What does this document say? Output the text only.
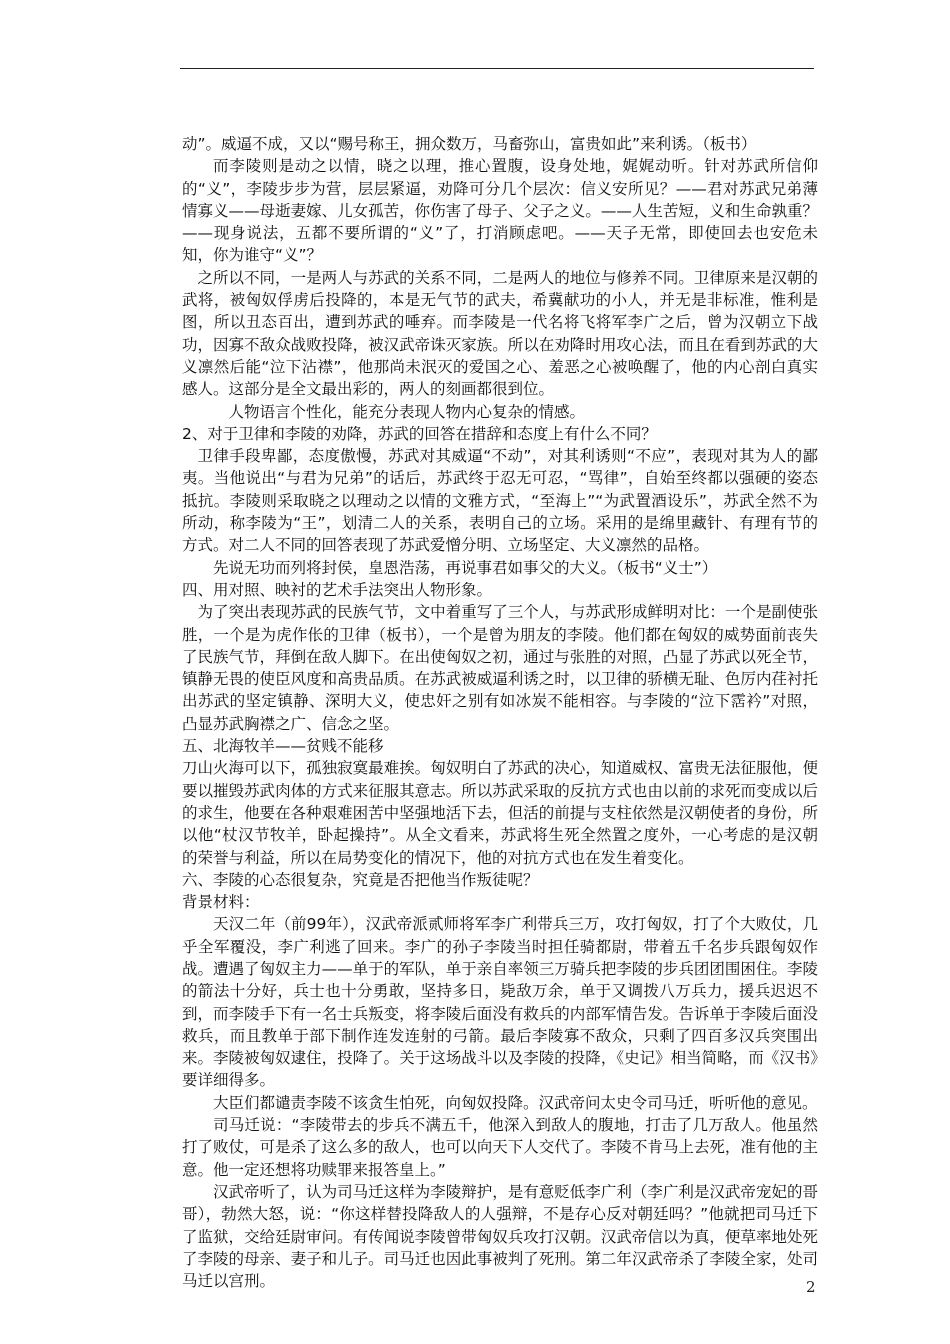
动”。威逼不成，又以“赐号称王，拥众数万，马畜弥山，富贵如此”来利诱。（板书）

而李陵则是动之以情，晓之以理，推心置腹，设身处地，娓娓动听。针对苏武所信仰的“义”，李陵步步为营，层层紧逼，劝降可分几个层次：信义安所见？——君对苏武兄弟薄情寡义——母逝妻嫁、儿女孤苦，你伤害了母子、父子之义。——人生苦短，义和生命孰重？——现身说法，五都不要所谓的“义”了，打消顾虑吧。——天子无常，即使回去也安危未知，你为谁守“义”？

之所以不同，一是两人与苏武的关系不同，二是两人的地位与修养不同。卫律原来是汉朝的武将，被匈奴俘虏后投降的，本是无气节的武夫，希冀献功的小人，并无是非标准，惟利是图，所以丑态百出，遭到苏武的唾弃。而李陵是一代名将飞将军李广之后，曾为汉朝立下战功，因寡不敌众战败投降，被汉武帝诛灭家族。所以在劝降时用攻心法，而且在看到苏武的大义凛然后能“泣下沾襟”，他那尚未泯灭的爱国之心、羞恶之心被唤醒了，他的内心剖白真实感人。这部分是全文最出彩的，两人的刻画都很到位。

人物语言个性化，能充分表现人物内心复杂的情感。

2、对于卫律和李陵的劝降，苏武的回答在措辞和态度上有什么不同？

卫律手段卑鄙，态度傲慢，苏武对其威逼“不动”，对其利诱则“不应”，表现对其为人的鄙夷。当他说出“与君为兄弟”的话后，苏武终于忍无可忍，“骂律”，自始至终都以强硬的姿态抵抗。李陵则采取晓之以理动之以情的文雅方式，“至海上”“为武置酒设乐”，苏武全然不为所动，称李陵为“王”，划清二人的关系，表明自己的立场。采用的是绵里藏针、有理有节的方式。对二人不同的回答表现了苏武爱憎分明、立场坚定、大义凛然的品格。

先说无功而列将封侯，皇恩浩荡，再说事君如事父的大义。（板书“义士”）

四、用对照、映衬的艺术手法突出人物形象。

为了突出表现苏武的民族气节，文中着重写了三个人，与苏武形成鲜明对比：一个是副使张胜，一个是为虎作伥的卫律（板书），一个是曾为朋友的李陵。他们都在匈奴的威势面前丧失了民族气节，拜倒在敌人脚下。在出使匈奴之初，通过与张胜的对照，凸显了苏武以死全节，镇静无畏的使臣风度和高贵品质。在苏武被威逼利诱之时，以卫律的骄横无耻、色厉内荏衬托出苏武的坚定镇静、深明大义，使忠奸之别有如冰炭不能相容。与李陵的“泣下霑衿”对照，凸显苏武胸襟之广、信念之坚。

五、北海牧羊——贫贱不能移

刀山火海可以下，孤独寂寞最难挨。匈奴明白了苏武的决心，知道威权、富贵无法征服他，便要以摧毁苏武肉体的方式来征服其意志。所以苏武采取的反抗方式也由以前的求死而变成以后的求生，他要在各种艰难困苦中坚强地活下去，但活的前提与支柱依然是汉朝使者的身份，所以他“杖汉节牧羊，卧起操持”。从全文看来，苏武将生死全然置之度外，一心考虑的是汉朝的荣誉与利益，所以在局势变化的情况下，他的对抗方式也在发生着变化。

六、李陵的心态很复杂，究竟是否把他当作叛徒呢？

背景材料：

天汉二年（前99年），汉武帝派贰师将军李广利带兵三万，攻打匈奴，打了个大败仗，几乎全军覆没，李广利逃了回来。李广的孙子李陵当时担任骑都尉，带着五千名步兵跟匈奴作战。遭遇了匈奴主力——单于的军队，单于亲自率领三万骑兵把李陵的步兵团团围困住。李陵的箭法十分好，兵士也十分勇敢，坚持多日，毙敌万余，单于又调拨八万兵力，援兵迟迟不到，而李陵手下有一名士兵叛变，将李陵后面没有救兵的内部军情告发。告诉单于李陵后面没救兵，而且教单于部下制作连发连射的弓箭。最后李陵寡不敌众，只剩了四百多汉兵突围出来。李陵被匈奴逮住，投降了。关于这场战斗以及李陵的投降，《史记》相当简略，而《汉书》要详细得多。

大臣们都谴责李陵不该贪生怕死，向匈奴投降。汉武帝问太史令司马迁，听听他的意见。

司马迁说：“李陵带去的步兵不满五千，他深入到敌人的腹地，打击了几万敌人。他虽然打了败仗，可是杀了这么多的敌人，也可以向天下人交代了。李陵不肯马上去死，准有他的主意。他一定还想将功赎罪来报答皇上。”

汉武帝听了，认为司马迁这样为李陵辩护，是有意贬低李广利（李广利是汉武帝宠妃的哥哥），勃然大怒，说：“你这样替投降敌人的人强辩，不是存心反对朝廷吗？”他就把司马迁下了监狱，交给廷尉审问。有传闻说李陵曾带匈奴兵攻打汉朝。汉武帝信以为真，便草率地处死了李陵的母亲、妻子和儿子。司马迁也因此事被判了死刑。第二年汉武帝杀了李陵全家，处司马迁以宫刑。	2
